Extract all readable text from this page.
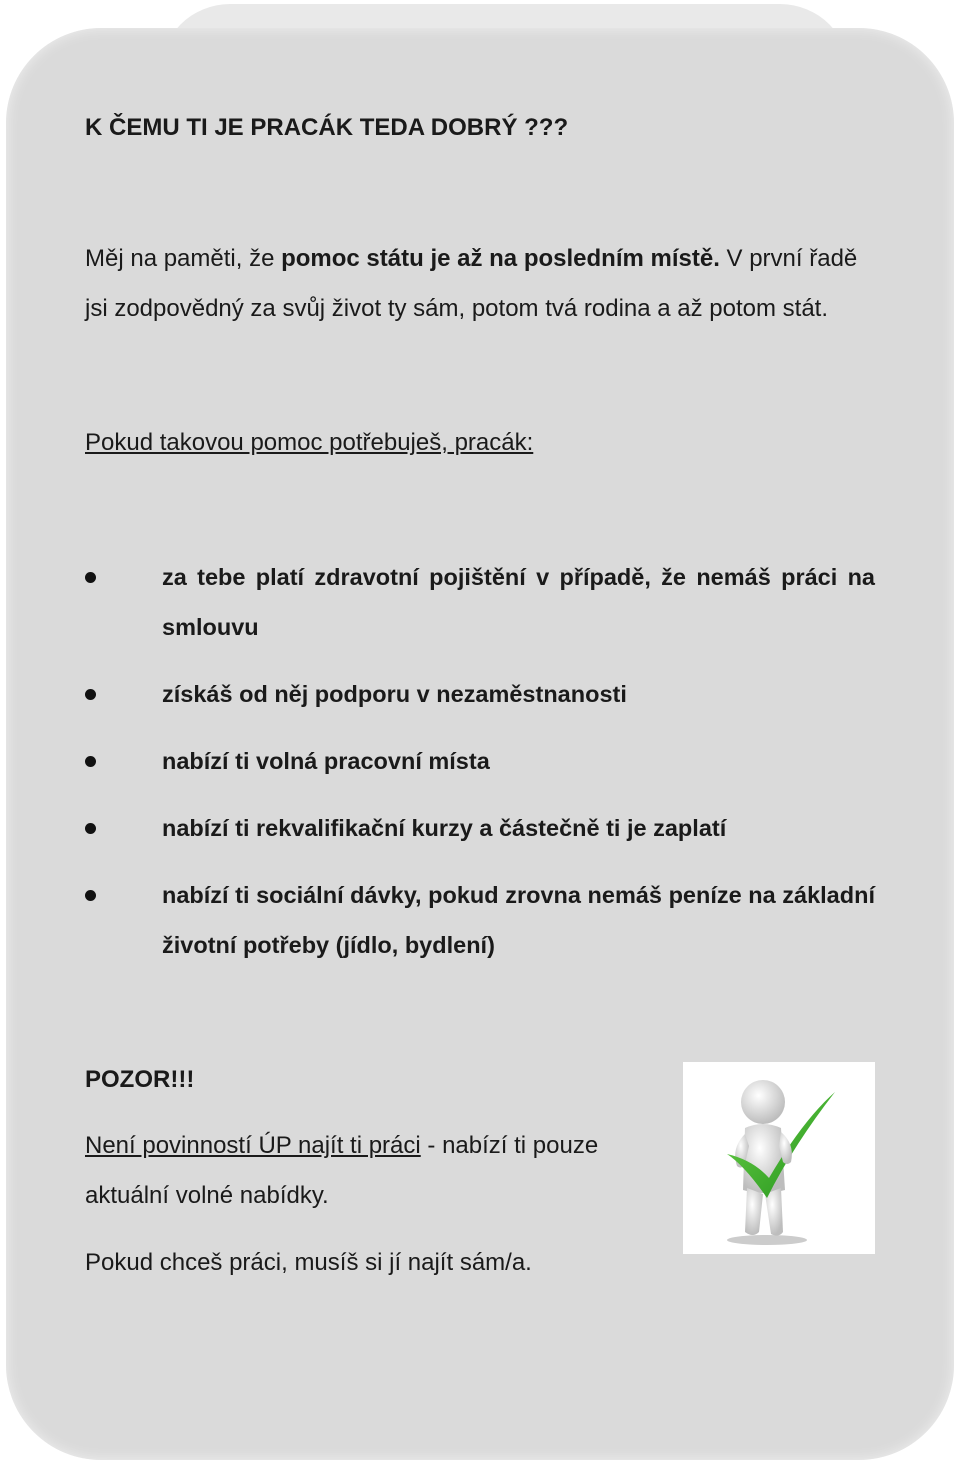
K ČEMU TI JE PRACÁK TEDA DOBRÝ ???
Měj na paměti, že pomoc státu je až na posledním místě. V první řadě jsi zodpovědný za svůj život ty sám, potom tvá rodina a až potom stát.
Pokud takovou pomoc potřebuješ, pracák:
za tebe platí zdravotní pojištění v případě, že nemáš práci na smlouvu
získáš od něj podporu v nezaměstnanosti
nabízí ti volná pracovní místa
nabízí ti rekvalifikační kurzy a částečně ti je zaplatí
nabízí ti sociální dávky, pokud zrovna nemáš peníze na základní životní potřeby (jídlo, bydlení)
POZOR!!!
Není povinností ÚP najít ti práci - nabízí ti pouze aktuální volné nabídky.
Pokud chceš práci, musíš si jí najít sám/a.
